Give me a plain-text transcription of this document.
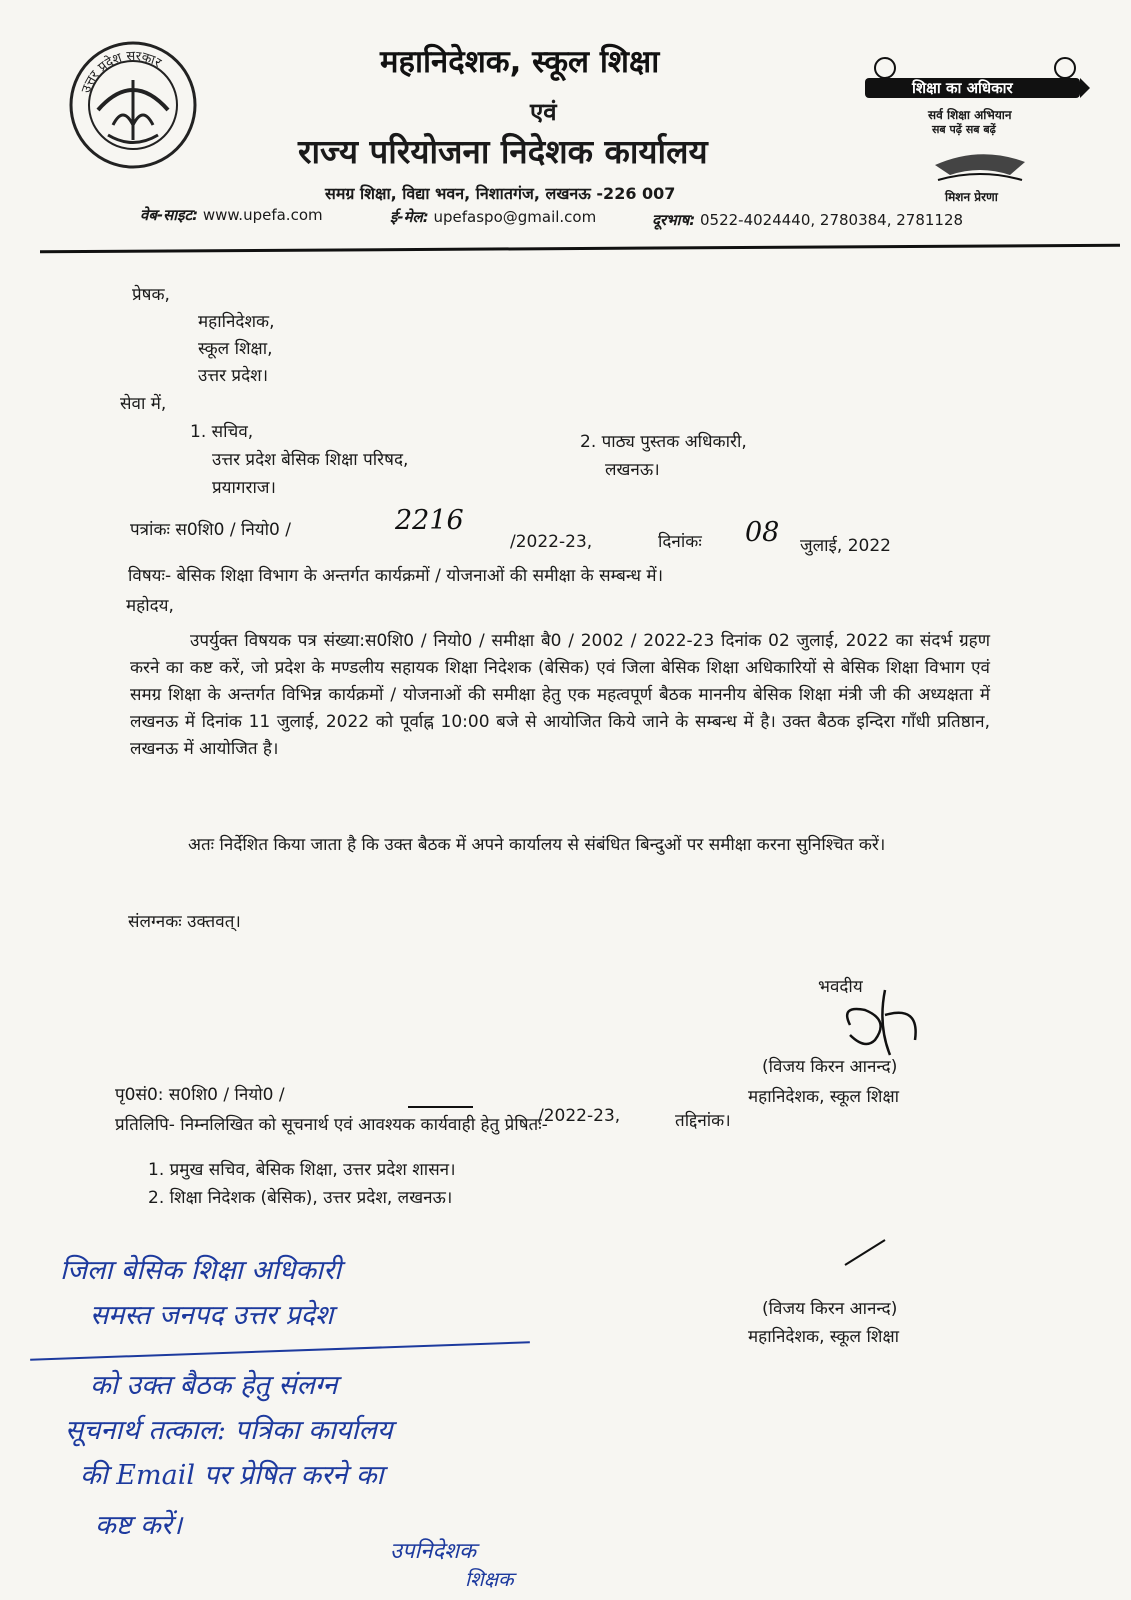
उत्तर प्रदेश सरकार	महानिदेशक, स्कूल शिक्षा
एवं
राज्य परियोजना निदेशक कार्यालय
समग्र शिक्षा, विद्या भवन, निशातगंज, लखनऊ -226 007
वेब-साइट: www.upefa.com	ई-मेल: upefaspo@gmail.com	दूरभाष: 0522-4024440, 2780384, 2781128
शिक्षा का अधिकार
सर्व शिक्षा अभियान
सब पढ़ें सब बढ़ें
मिशन प्रेरणा
प्रेषक,
महानिदेशक,
स्कूल शिक्षा,
उत्तर प्रदेश।
सेवा में,
1. सचिव,
उत्तर प्रदेश बेसिक शिक्षा परिषद,
प्रयागराज।
2. पाठ्य पुस्तक अधिकारी,
लखनऊ।
पत्रांकः स0शि0 / नियो0 /	2216
/2022-23,	दिनांकः 08 जुलाई, 2022
विषयः- बेसिक शिक्षा विभाग के अन्तर्गत कार्यक्रमों / योजनाओं की समीक्षा के सम्बन्ध में।
महोदय,
उपर्युक्त विषयक पत्र संख्या:स0शि0 / नियो0 / समीक्षा बै0 / 2002 / 2022-23 दिनांक 02 जुलाई, 2022 का संदर्भ ग्रहण करने का कष्ट करें, जो प्रदेश के मण्डलीय सहायक शिक्षा निदेशक (बेसिक) एवं जिला बेसिक शिक्षा अधिकारियों से बेसिक शिक्षा विभाग एवं समग्र शिक्षा के अन्तर्गत विभिन्न कार्यक्रमों / योजनाओं की समीक्षा हेतु एक महत्वपूर्ण बैठक माननीय बेसिक शिक्षा मंत्री जी की अध्यक्षता में लखनऊ में दिनांक 11 जुलाई, 2022 को पूर्वाह्न 10:00 बजे से आयोजित किये जाने के सम्बन्ध में है। उक्त बैठक इन्दिरा गाँधी प्रतिष्ठान, लखनऊ में आयोजित है।
अतः निर्देशित किया जाता है कि उक्त बैठक में अपने कार्यालय से संबंधित बिन्दुओं पर समीक्षा करना सुनिश्चित करें।
संलग्नकः उक्तवत्।
भवदीय
(विजय किरन आनन्द)
महानिदेशक, स्कूल शिक्षा
पृ0सं0: स0शि0 / नियो0 /
/2022-23,	तद्दिनांक।
प्रतिलिपि- निम्नलिखित को सूचनार्थ एवं आवश्यक कार्यवाही हेतु प्रेषितः-
1. प्रमुख सचिव, बेसिक शिक्षा, उत्तर प्रदेश शासन।
2. शिक्षा निदेशक (बेसिक), उत्तर प्रदेश, लखनऊ।
(विजय किरन आनन्द)
महानिदेशक, स्कूल शिक्षा
जिला बेसिक शिक्षा अधिकारी
समस्त जनपद उत्तर प्रदेश
को उक्त बैठक हेतु संलग्न
सूचनार्थ तत्काल: पत्रिका कार्यालय
की Email पर प्रेषित करने का
कष्ट करें।
उपनिदेशक
शिक्षक
